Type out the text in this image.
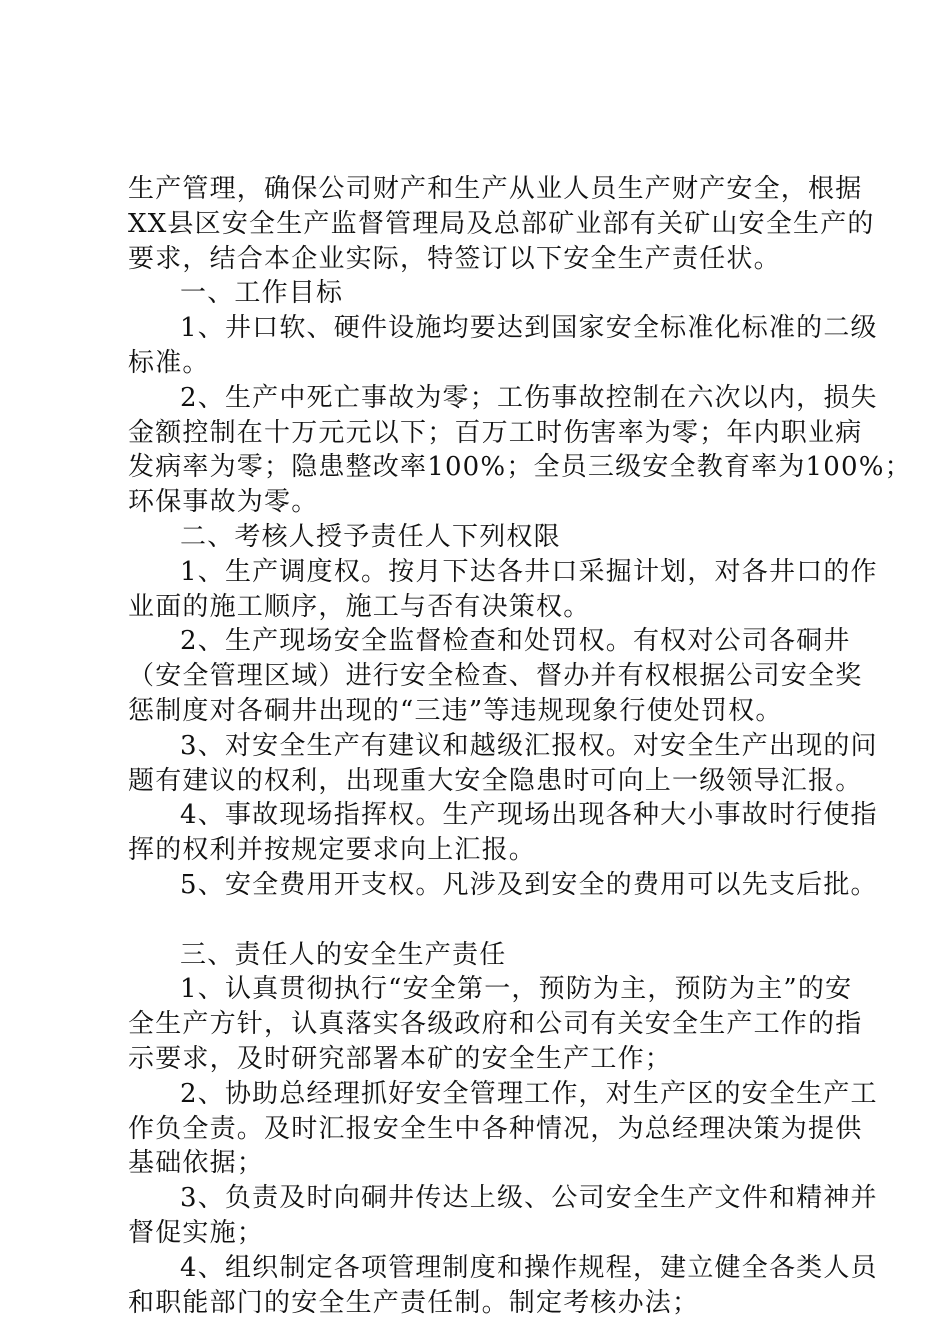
生产管理，确保公司财产和生产从业人员生产财产安全，根据
XX县区安全生产监督管理局及总部矿业部有关矿山安全生产的
要求，结合本企业实际，特签订以下安全生产责任状。
一、工作目标
1、井口软、硬件设施均要达到国家安全标准化标准的二级
标准。
2、生产中死亡事故为零；工伤事故控制在六次以内，损失
金额控制在十万元元以下；百万工时伤害率为零；年内职业病
发病率为零；隐患整改率100%；全员三级安全教育率为100%；
环保事故为零。
二、考核人授予责任人下列权限
1、生产调度权。按月下达各井口采掘计划，对各井口的作
业面的施工顺序，施工与否有决策权。
2、生产现场安全监督检查和处罚权。有权对公司各硐井
（安全管理区域）进行安全检查、督办并有权根据公司安全奖
惩制度对各硐井出现的“三违”等违规现象行使处罚权。
3、对安全生产有建议和越级汇报权。对安全生产出现的问
题有建议的权利，出现重大安全隐患时可向上一级领导汇报。
4、事故现场指挥权。生产现场出现各种大小事故时行使指
挥的权利并按规定要求向上汇报。
5、安全费用开支权。凡涉及到安全的费用可以先支后批。
三、责任人的安全生产责任
1、认真贯彻执行“安全第一，预防为主，预防为主”的安
全生产方针，认真落实各级政府和公司有关安全生产工作的指
示要求，及时研究部署本矿的安全生产工作；
2、协助总经理抓好安全管理工作，对生产区的安全生产工
作负全责。及时汇报安全生中各种情况，为总经理决策为提供
基础依据；
3、负责及时向硐井传达上级、公司安全生产文件和精神并
督促实施；
4、组织制定各项管理制度和操作规程，建立健全各类人员
和职能部门的安全生产责任制。制定考核办法；
